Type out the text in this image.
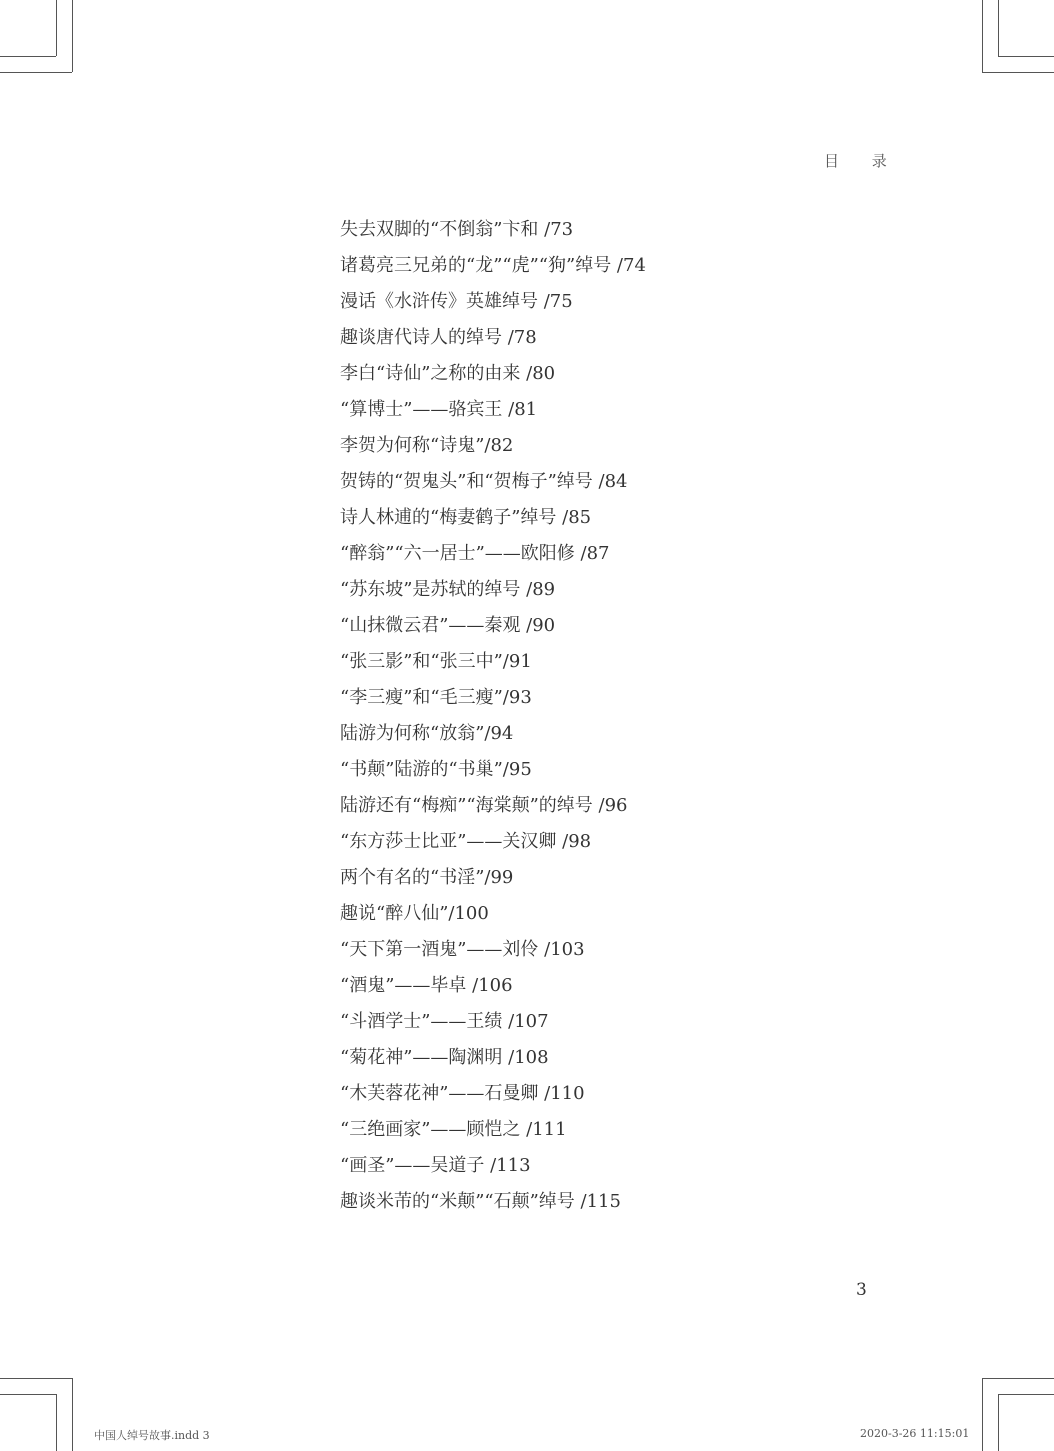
目 录
失去双脚的“不倒翁”卞和 /73
诸葛亮三兄弟的“龙”“虎”“狗”绰号 /74
漫话《水浒传》英雄绰号 /75
趣谈唐代诗人的绰号 /78
李白“诗仙”之称的由来 /80
“算博士”——骆宾王 /81
李贺为何称“诗鬼”/82
贺铸的“贺鬼头”和“贺梅子”绰号 /84
诗人林逋的“梅妻鹤子”绰号 /85
“醉翁”“六一居士”——欧阳修 /87
“苏东坡”是苏轼的绰号 /89
“山抹微云君”——秦观 /90
“张三影”和“张三中”/91
“李三瘦”和“毛三瘦”/93
陆游为何称“放翁”/94
“书颠”陆游的“书巢”/95
陆游还有“梅痴”“海棠颠”的绰号 /96
“东方莎士比亚”——关汉卿 /98
两个有名的“书淫”/99
趣说“醉八仙”/100
“天下第一酒鬼”——刘伶 /103
“酒鬼”——毕卓 /106
“斗酒学士”——王绩 /107
“菊花神”——陶渊明 /108
“木芙蓉花神”——石曼卿 /110
“三绝画家”——顾恺之 /111
“画圣”——吴道子 /113
趣谈米芾的“米颠”“石颠”绰号 /115
3
中国人绰号故事.indd 3	2020-3-26 11:15:01
